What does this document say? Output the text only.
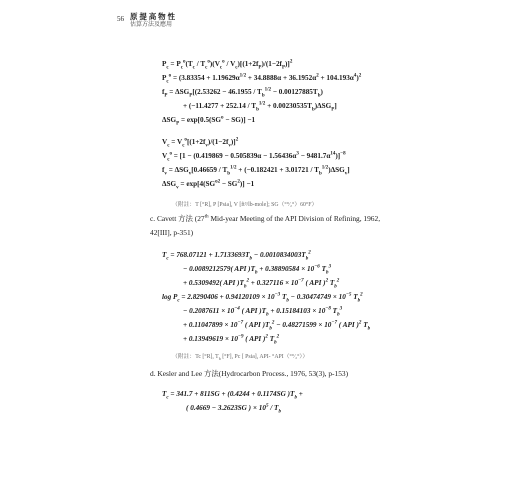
56 原 提 高 物 性
估算方法及應用
$P_c = P_c^o(T_c / T_c^o)(V_c^o / V_c)[(1+2f_P)/(1-2f_P)]^2$
$P_c^o = (3.83354 + 1.19629\alpha^{1/2} + 34.8888\alpha + 36.1952\alpha^2 + 104.193\alpha^4)^2$
$f_P = \Delta SG_P[(2.53262 - 46.1955 / T_b^{1/2} - 0.00127885T_b)$
+ $(-11.4277 + 252.14 / T_b^{1/2} + 0.00230535T_b)\Delta SG_P$]
$\Delta SG_P = \exp[0.5(SG^o - SG)] -1$
$V_c = V_c^o[(1+2f_v)/(1-2f_v)]^2$
$V_c^o = [1 - (0.419869 - 0.505839\alpha - 1.56436\alpha^3 - 9481.7\alpha^{14})]^{-8}$
$f_v = \Delta SG_v[0.46659 / T_b^{1/2} + (-0.182421 + 3.01721 / T_b^{1/2})\Delta SG_v]$
$\Delta SG_v = \exp[4(SG^{o2} - SG^2)] -1$
（附註：T [°R], P [Psia], V [ft³/lb-mole]; SG（°°⁄₂°）60°F）
c. Cavett 方法 (27th Mid-year Meeting of the API Division of Refining, 1962,
42[III], p-351)
$T_c = 768.07121 + 1.7133693T_b - 0.0010834003T_b^2$
− 0.0089212579( API )$T_b + 0.38890584 \times 10^{-6}$ $T_b^3$
+ 0.5309492( API )$T_b^2 + 0.327116 \times 10^{-7}$ ( API )$^2$ $T_b^2$
$\log P_c = 2.8290406 + 0.94120109 \times 10^{-3}$ $T_b - 0.30474749 \times 10^{-5}$ $T_b^2$
− $0.2087611 \times 10^{-4}$ ( API )$T_b + 0.15184103 \times 10^{-8}$ $T_b^3$
+ $0.11047899 \times 10^{-7}$ ( API )$T_b^2 - 0.48271599 \times 10^{-7}$ ( API )$^2$ $T_b$
+ $0.13949619 \times 10^{-9}$ ( API )$^2$ $T_b^2$
（附註：Tc [°R], $T_b$ [°F], Pc [ Psia], API- °API（°°⁄₂°））
d. Kesler and Lee 方法(Hydrocarbon Process., 1976, 53(3), p-153)
$T_c = 341.7 + 811SG + (0.4244 + 0.1174SG$ )$T_b$ +
( 0.4669 − 3.2623SG ) × $10^5 / T_b$
